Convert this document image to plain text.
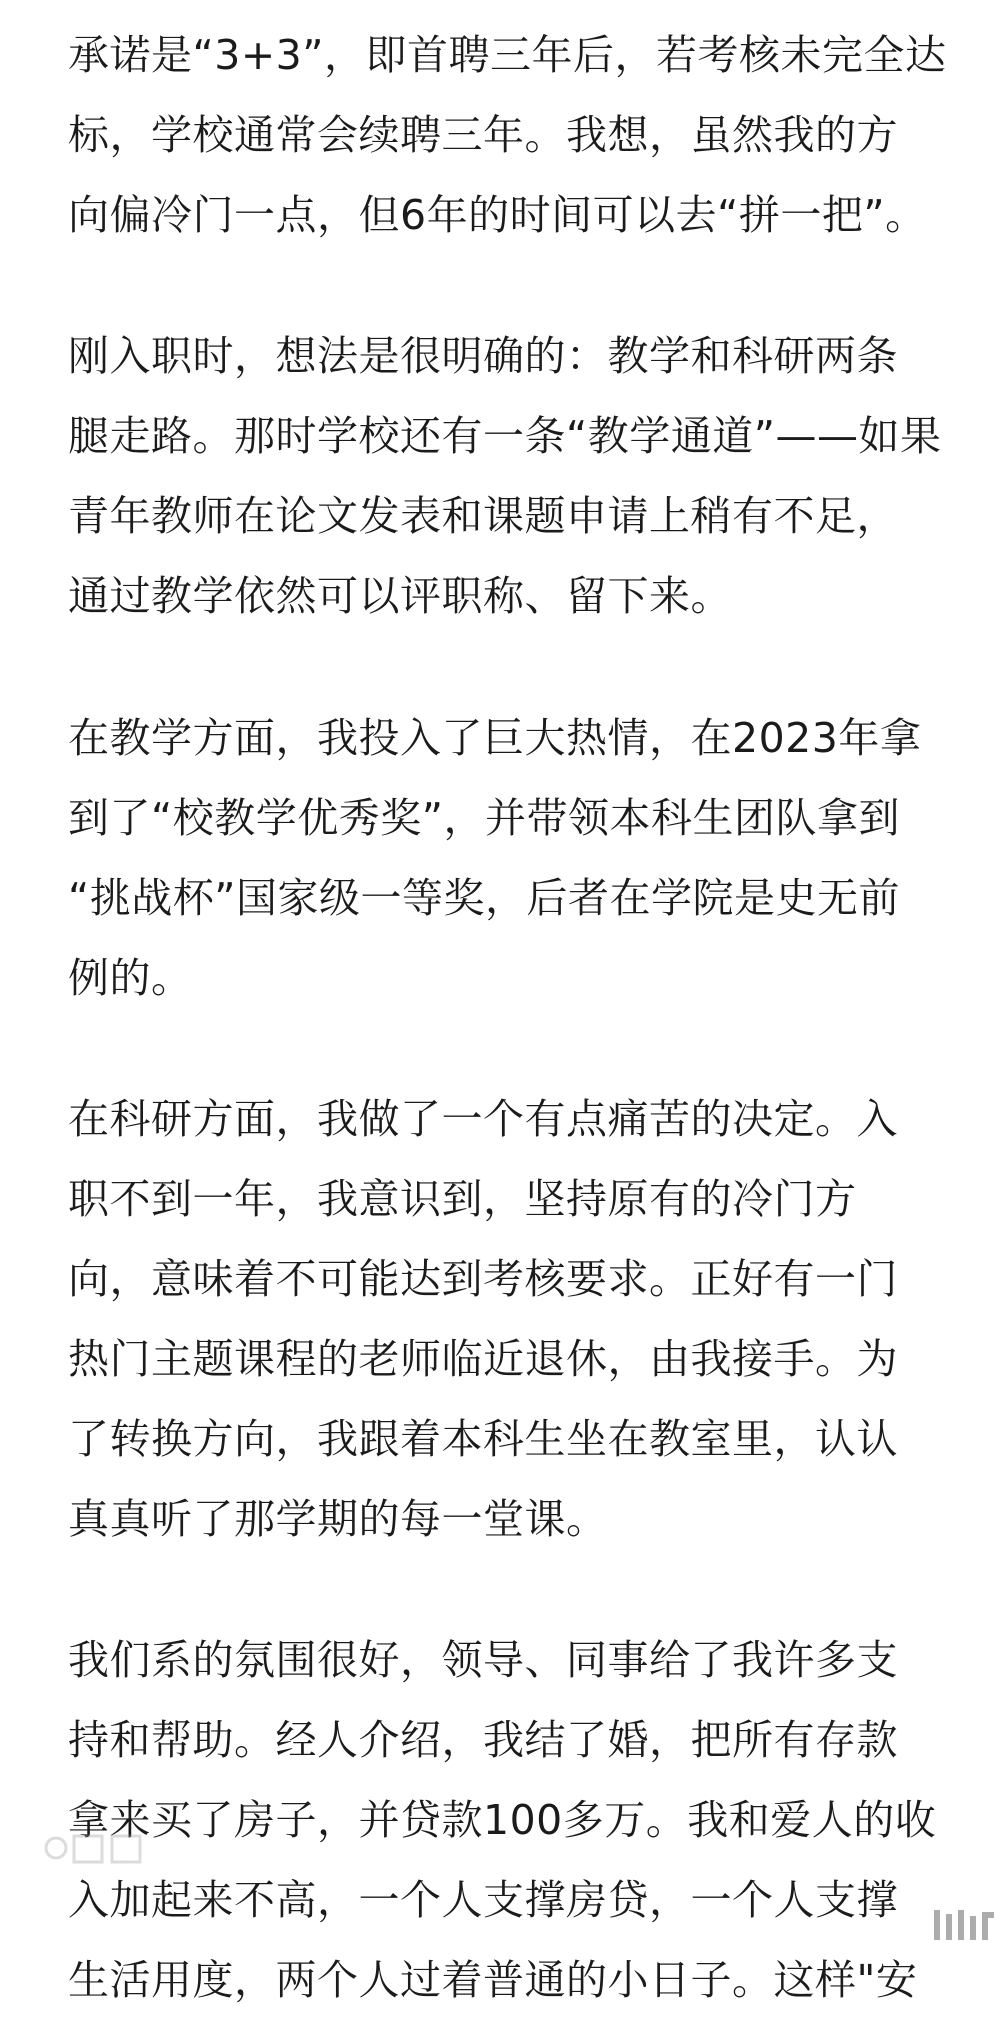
承诺是“3+3”，即首聘三年后，若考核未完全达
标，学校通常会续聘三年。我想，虽然我的方
向偏冷门一点，但6年的时间可以去“拼一把”。
刚入职时，想法是很明确的：教学和科研两条
腿走路。那时学校还有一条“教学通道”——如果
青年教师在论文发表和课题申请上稍有不足，
通过教学依然可以评职称、留下来。
在教学方面，我投入了巨大热情，在2023年拿
到了“校教学优秀奖”，并带领本科生团队拿到
“挑战杯”国家级一等奖，后者在学院是史无前
例的。
在科研方面，我做了一个有点痛苦的决定。入
职不到一年，我意识到，坚持原有的冷门方
向，意味着不可能达到考核要求。正好有一门
热门主题课程的老师临近退休，由我接手。为
了转换方向，我跟着本科生坐在教室里，认认
真真听了那学期的每一堂课。
我们系的氛围很好，领导、同事给了我许多支
持和帮助。经人介绍，我结了婚，把所有存款
拿来买了房子，并贷款100多万。我和爱人的收
入加起来不高，一个人支撑房贷，一个人支撑
生活用度，两个人过着普通的小日子。这样"安
